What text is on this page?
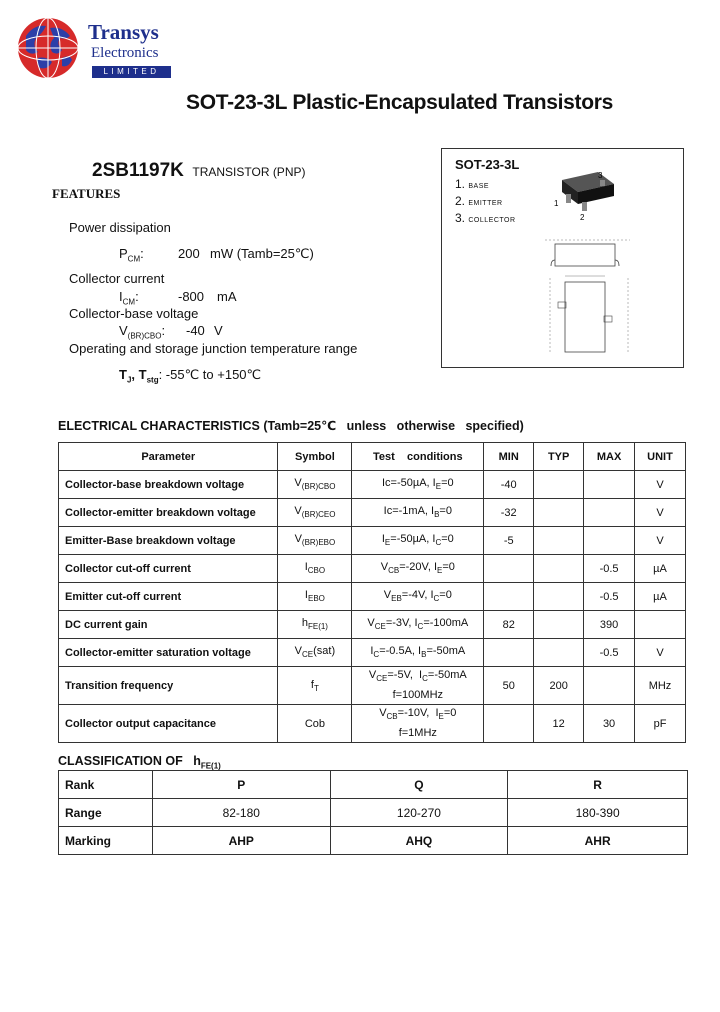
Transys
Electronics
LIMITED
SOT-23-3L Plastic-Encapsulated Transistors
2SB1197K TRANSISTOR (PNP)
FEATURES
Power dissipation
$P_{CM}$:	200 mW (Tamb=25℃)
Collector current
$I_{CM}$:	-800 mA
Collector-base voltage
$V_{(BR)CBO}$: -40 V
Operating and storage junction temperature range
$T_J$, $T_{stg}$: -55℃ to +150℃
SOT-23-3L
1. BASE
2. EMITTER
3. COLLECTOR
3
1
2
ELECTRICAL CHARACTERISTICS (Tamb=25℃   unless   otherwise   specified)
Parameter	Symbol	Test    conditions	MIN	TYP	MAX	UNIT
Collector-base breakdown voltage	$V_{(BR)CBO}$	Ic=-50µA, $I_E=0$	-40			V
Collector-emitter breakdown voltage	$V_{(BR)CEO}$	Ic=-1mA, $I_B=0$	-32			V
Emitter-Base breakdown voltage	$V_{(BR)EBO}$	$I_E=-50\mu A$, $I_C=0$	-5			V
Collector cut-off current	$I_{CBO}$	$V_{CB}=-20V$, $I_E=0$			-0.5	µA
Emitter cut-off current	$I_{EBO}$	$V_{EB}=-4V$, $I_C=0$			-0.5	µA
DC current gain	$h_{FE(1)}$	$V_{CE}=-3V$, $I_C=-100mA$	82		390	
Collector-emitter saturation voltage	$V_{CE}(sat)$	$I_C=-0.5A$, $I_B=-50mA$			-0.5	V
Transition frequency	$f_T$	$V_{CE}=-5V$,  $I_C=-50mA$
f=100MHz	50	200		MHz
Collector output capacitance	Cob	$V_{CB}=-10V$,  $I_E=0$
f=1MHz		12	30	pF
CLASSIFICATION OF $h_{FE(1)}$
Rank	P	Q	R
Range	82-180	120-270	180-390
Marking	AHP	AHQ	AHR
